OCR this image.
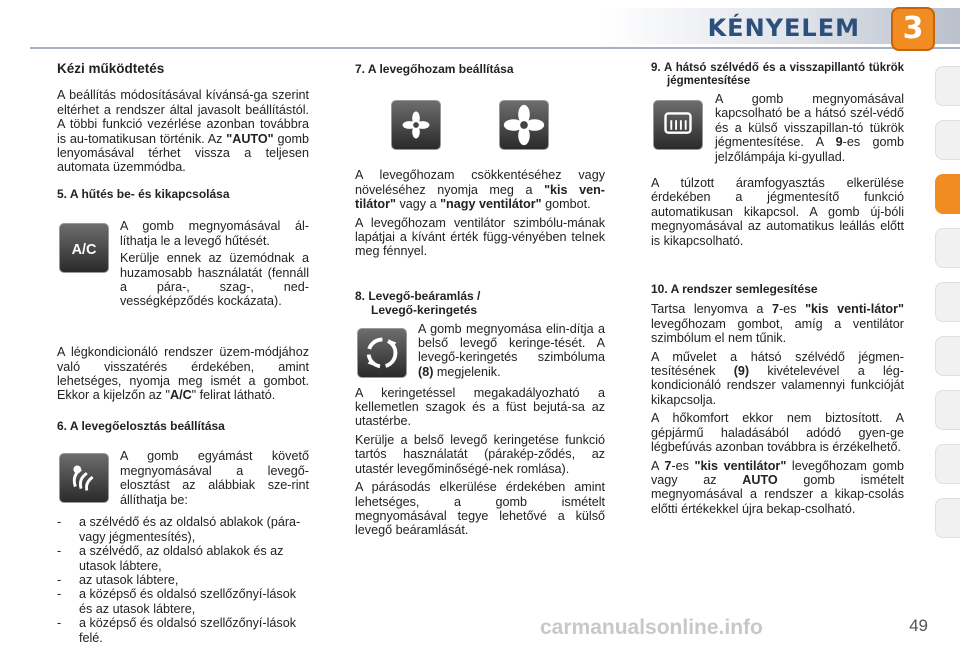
KÉNYELEM	3
Kézi működtetés

A beállítás módosításával kívánsá-ga szerint eltérhet a rendszer által javasolt beállítástól. A többi funkció vezérlése azonban továbbra is au-tomatikusan történik. Az "AUTO" gomb lenyomásával térhet vissza a teljesen automata üzemmódba.

5. A hűtés be- és kikapcsolása

A/C

A gomb megnyomásával ál-líthatja le a levegő hűtését.

Kerülje ennek az üzemódnak a huzamosabb használatát (fennáll a pára-, szag-, ned-vességképződés kockázata).

A légkondicionáló rendszer üzem-módjához való visszatérés érdekében, amint lehetséges, nyomja meg ismét a gombot. Ekkor a kijelzőn az "A/C" felirat látható.

6. A levegőelosztás beállítása

A gomb egyámást követő megnyomásával a levegő-elosztást az alábbiak sze-rint állíthatja be:

-	a szélvédő és az oldalsó ablakok (pára- vagy jégmentesítés),
-	a szélvédő, az oldalsó ablakok és az utasok lábtere,
-	az utasok lábtere,
-	a középső és oldalsó szellőzőnyí-lások és az utasok lábtere,
-	a középső és oldalsó szellőzőnyí-lások felé.

7. A levegőhozam beállítása

A levegőhozam csökkentéséhez vagy növeléséhez nyomja meg a "kis ven-tilátor" vagy a "nagy ventilátor" gombot.

A levegőhozam ventilátor szimbólu-mának lapátjai a kívánt érték függ-vényében telnek meg fénnyel.

8. Levegő-beáramlás /

Levegő-keringetés

A gomb megnyomása elin-dítja a belső levegő keringe-tését. A levegő-keringetés szimbóluma (8) megjelenik.

A keringetéssel megakadályozható a kellemetlen szagok és a füst bejutá-sa az utastérbe.

Kerülje a belső levegő keringetése funkció tartós használatát (párakép-ződés, az utastér levegőminőségé-nek romlása).

A párásodás elkerülése érdekében amint lehetséges, a gomb ismételt megnyomásával tegye lehetővé a külső levegő beáramlását.

9. A hátsó szélvédő és a visszapillantó tükrök jégmentesítése

A gomb megnyomásával kapcsolható be a hátsó szél-védő és a külső visszapillan-tó tükrök jégmentesítése. A 9-es gomb jelzőlámpája ki-gyullad.

A túlzott áramfogyasztás elkerülése érdekében a jégmentesítő funkció automatikusan kikapcsol. A gomb új-bóli megnyomásával az automatikus leállás előtt is kikapcsolható.

10. A rendszer semlegesítése

Tartsa lenyomva a 7-es "kis venti-látor" levegőhozam gombot, amíg a ventilátor szimbólum el nem tűnik.

A művelet a hátsó szélvédő jégmen-tesítésének (9) kivételevével a lég-kondicionáló rendszer valamennyi funkcióját kikapcsolja.

A hőkomfort ekkor nem biztosított. A gépjármű haladásából adódó gyen-ge légbefúvás azonban továbbra is érzékelhető.

A 7-es "kis ventilátor" levegőhozam gomb vagy az AUTO gomb ismételt megnyomásával a rendszer a kikap-csolás előtti értékekkel újra bekap-csolható.

carmanualsonline.info	49
